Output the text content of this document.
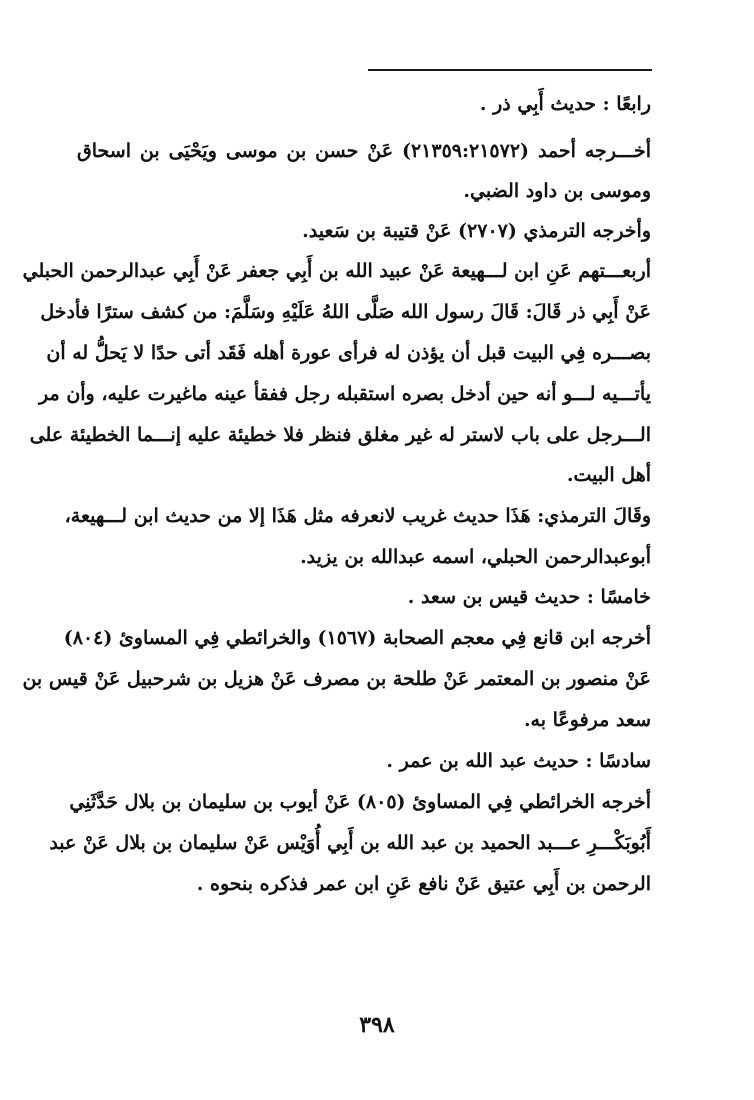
رابعًا : حديث أَبِي ذر .
أخـــرجه أحمد (٢١٣٥٩:٢١٥٧٢) عَنْ حسن بن موسى ويَحْيَى بن اسحاق
وموسى بن داود الضبي.
وأخرجه الترمذي (٢٧٠٧) عَنْ قتيبة بن سَعيد.
أربعـــتهم عَنِ ابن لـــهيعة عَنْ عبيد الله بن أَبِي جعفر عَنْ أَبِي عبدالرحمن الحبلي
عَنْ أَبِي ذر قَالَ: قَالَ رسول الله صَلَّى اللهُ عَلَيْهِ وسَلَّمَ: من كشف سترًا فأدخل
بصـــره فِي البيت قبل أن يؤذن له فرأى عورة أهله فَقَد أتى حدًا لا يَحلُّ له أن
يأتـــيه لـــو أنه حين أدخل بصره استقبله رجل ففقأ عينه ماغيرت عليه، وأن مر
الـــرجل على باب لاستر له غير مغلق فنظر فلا خطيئة عليه إنـــما الخطيئة على
أهل البيت.
وقَالَ الترمذي: هَذَا حديث غريب لانعرفه مثل هَذَا إلا من حديث ابن لـــهيعة،
أبوعبدالرحمن الحبلي، اسمه عبدالله بن يزيد.
خامسًا : حديث قيس بن سعد .
أخرجه ابن قانع فِي معجم الصحابة (١٥٦٧) والخرائطي فِي المساوئ (٨٠٤)
عَنْ منصور بن المعتمر عَنْ طلحة بن مصرف عَنْ هزيل بن شرحبيل عَنْ قيس بن
سعد مرفوعًا به.
سادسًا : حديث عبد الله بن عمر .
أخرجه الخرائطي فِي المساوئ (٨٠٥) عَنْ أيوب بن سليمان بن بلال حَدَّثَنِي
أَبُوبَكْـــرِ عـــبد الحميد بن عبد الله بن أَبِي أُوَيْس عَنْ سليمان بن بلال عَنْ عبد
الرحمن بن أَبِي عتيق عَنْ نافع عَنِ ابن عمر فذكره بنحوه .
٣٩٨
